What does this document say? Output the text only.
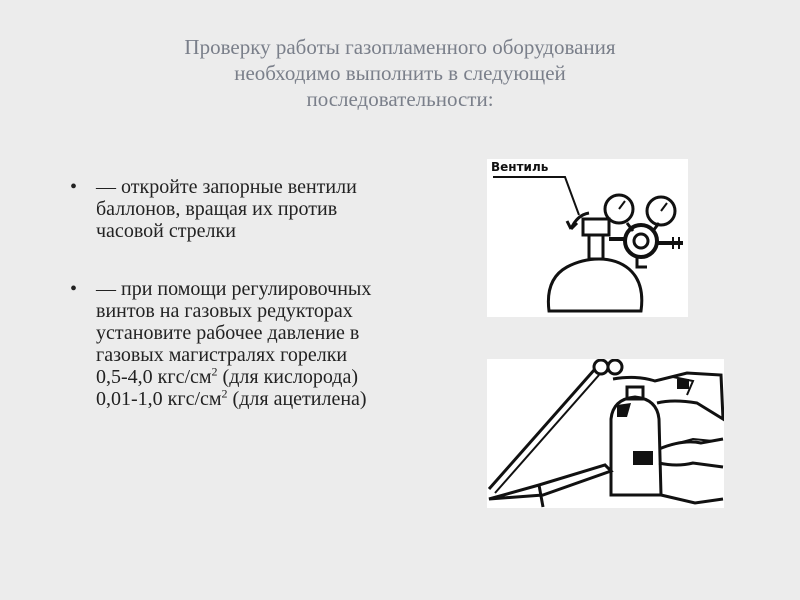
Проверку работы газопламенного оборудования
необходимо выполнить в следующей
последовательности:
• — откройте запорные вентили
баллонов, вращая их против
часовой стрелки
• — при помощи регулировочных
винтов на газовых редукторах
установите рабочее давление в
газовых магистралях горелки
0,5-4,0 кгс/$см^2$ (для кислорода)
0,01-1,0 кгс/$см^2$ (для ацетилена)
Вентиль
